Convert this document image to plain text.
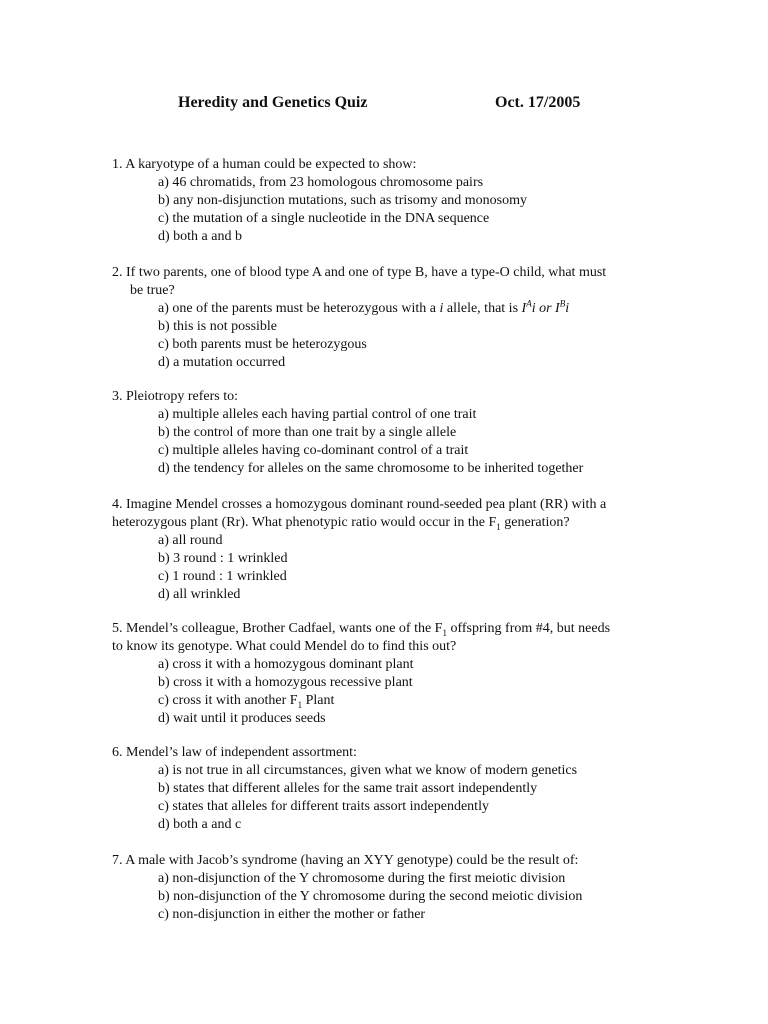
Heredity and Genetics Quiz	Oct. 17/2005
1. A karyotype of a human could be expected to show:
a) 46 chromatids, from 23 homologous chromosome pairs
b) any non-disjunction mutations, such as trisomy and monosomy
c) the mutation of a single nucleotide in the DNA sequence
d) both a and b
2. If two parents, one of blood type A and one of type B, have a type-O child, what must
be true?
a) one of the parents must be heterozygous with a i allele, that is $I^Ai$ or $I^Bi$
b) this is not possible
c) both parents must be heterozygous
d) a mutation occurred
3. Pleiotropy refers to:
a) multiple alleles each having partial control of one trait
b) the control of more than one trait by a single allele
c) multiple alleles having co-dominant control of a trait
d) the tendency for alleles on the same chromosome to be inherited together
4. Imagine Mendel crosses a homozygous dominant round-seeded pea plant (RR) with a
heterozygous plant (Rr). What phenotypic ratio would occur in the $F_1$ generation?
a) all round
b) 3 round : 1 wrinkled
c) 1 round : 1 wrinkled
d) all wrinkled
5. Mendel’s colleague, Brother Cadfael, wants one of the $F_1$ offspring from #4, but needs
to know its genotype. What could Mendel do to find this out?
a) cross it with a homozygous dominant plant
b) cross it with a homozygous recessive plant
c) cross it with another $F_1$ Plant
d) wait until it produces seeds
6. Mendel’s law of independent assortment:
a) is not true in all circumstances, given what we know of modern genetics
b) states that different alleles for the same trait assort independently
c) states that alleles for different traits assort independently
d) both a and c
7. A male with Jacob’s syndrome (having an XYY genotype) could be the result of:
a) non-disjunction of the Y chromosome during the first meiotic division
b) non-disjunction of the Y chromosome during the second meiotic division
c) non-disjunction in either the mother or father
